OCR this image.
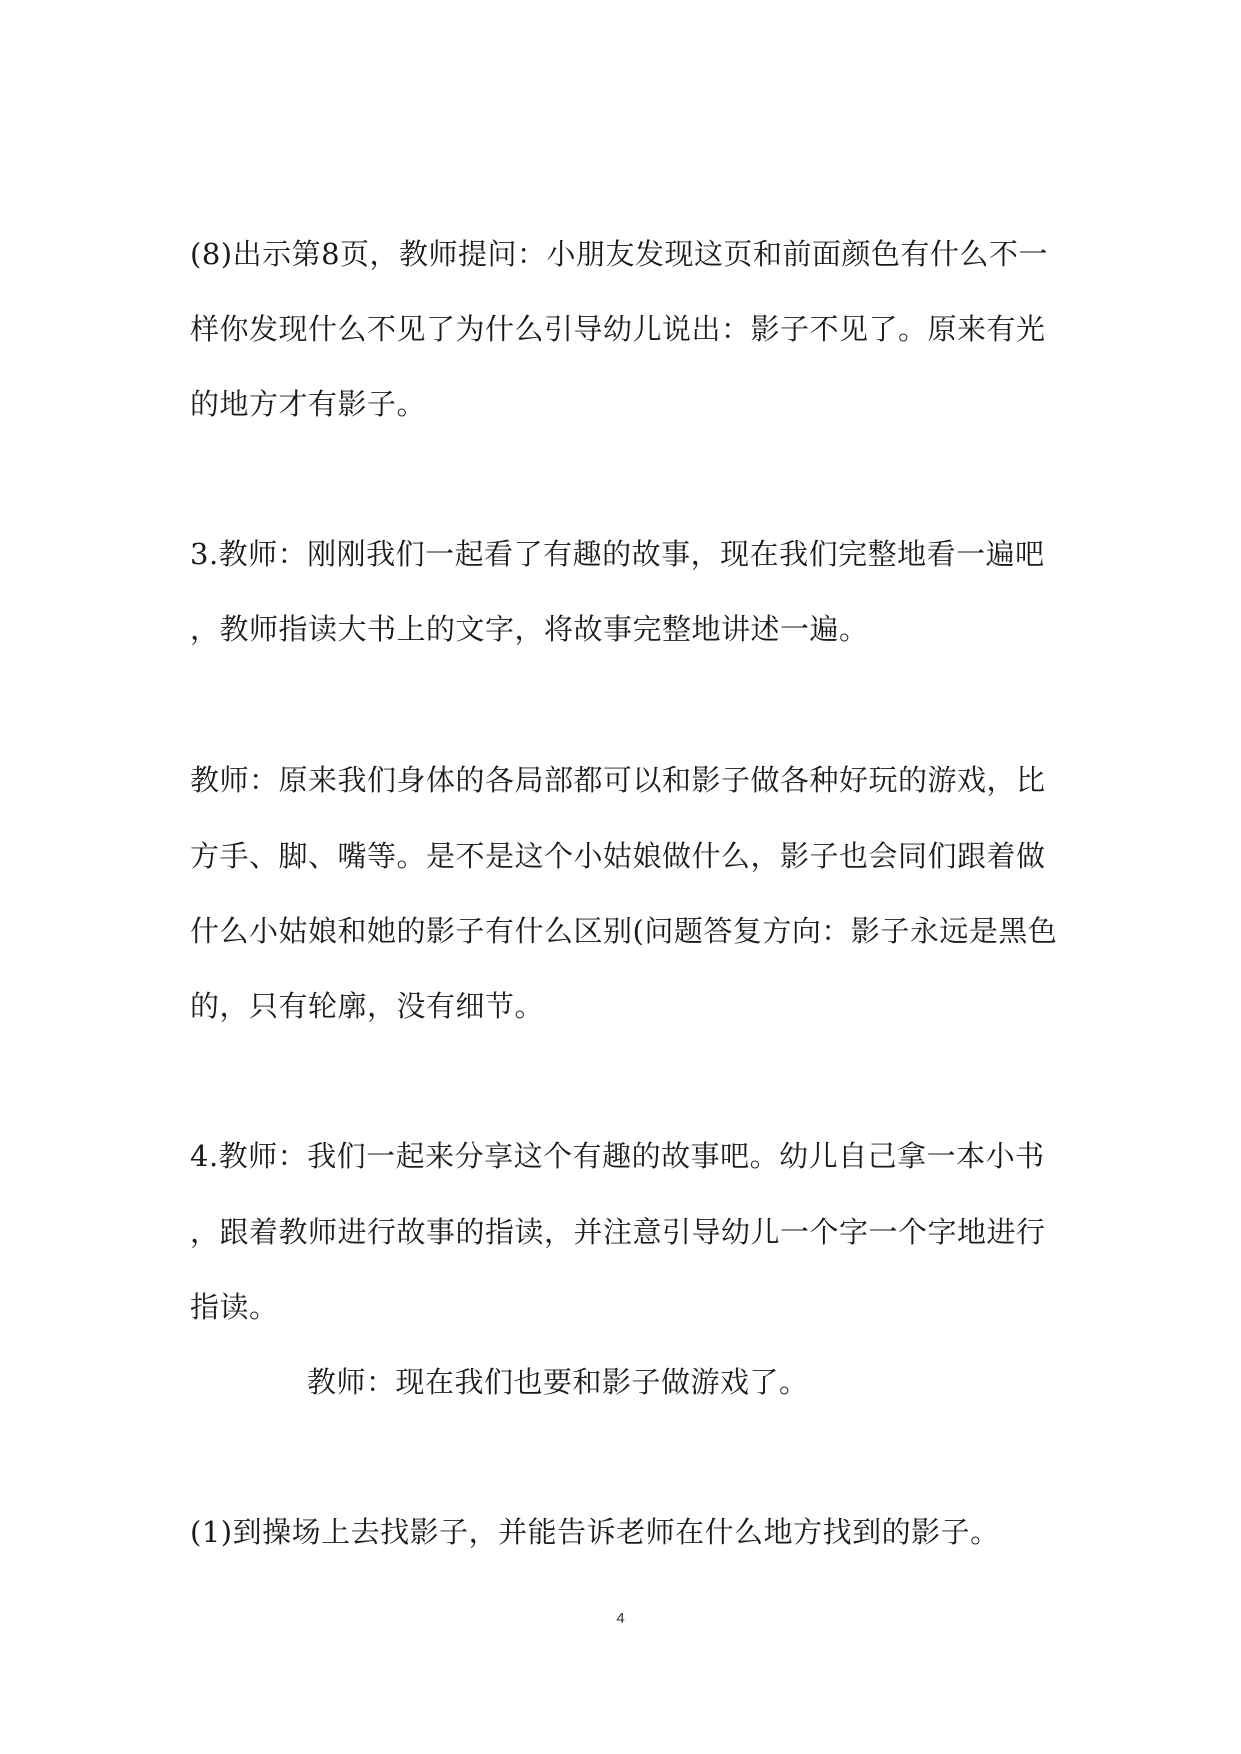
(8)出示第8页，教师提问：小朋友发现这页和前面颜色有什么不一
样你发现什么不见了为什么引导幼儿说出：影子不见了。原来有光
的地方才有影子。
3.教师：刚刚我们一起看了有趣的故事，现在我们完整地看一遍吧
，教师指读大书上的文字，将故事完整地讲述一遍。
教师：原来我们身体的各局部都可以和影子做各种好玩的游戏，比
方手、脚、嘴等。是不是这个小姑娘做什么，影子也会同们跟着做
什么小姑娘和她的影子有什么区别(问题答复方向：影子永远是黑色
的，只有轮廓，没有细节。
4.教师：我们一起来分享这个有趣的故事吧。幼儿自己拿一本小书
，跟着教师进行故事的指读，并注意引导幼儿一个字一个字地进行
指读。
教师：现在我们也要和影子做游戏了。
(1)到操场上去找影子，并能告诉老师在什么地方找到的影子。
4
